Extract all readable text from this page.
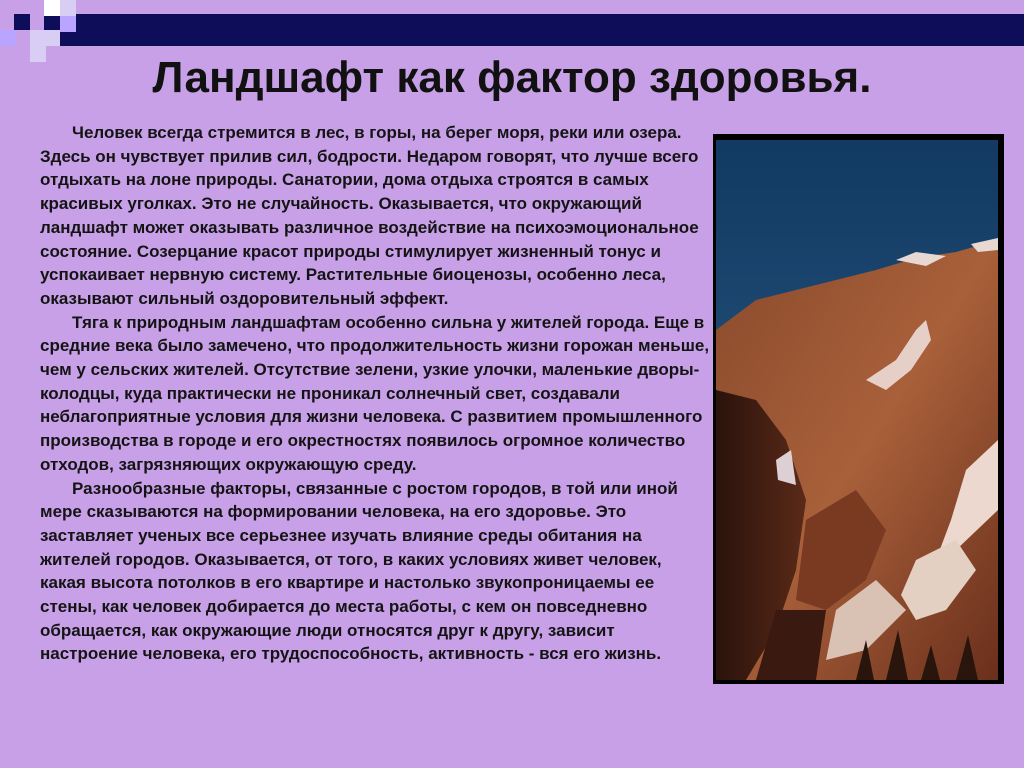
Ландшафт как фактор здоровья.

Человек всегда стремится в лес, в горы, на берег моря, реки или озера. Здесь он чувствует прилив сил, бодрости. Недаром говорят, что лучше всего отдыхать на лоне природы. Санатории, дома отдыха строятся в самых красивых уголках. Это не случайность. Оказывается, что окружающий ландшафт может оказывать различное воздействие на психоэмоциональное состояние. Созерцание красот природы стимулирует жизненный тонус и успокаивает нервную систему. Растительные биоценозы, особенно леса, оказывают сильный оздоровительный эффект.

Тяга к природным ландшафтам особенно сильна у жителей города. Еще в средние века было замечено, что продолжительность жизни горожан меньше, чем у сельских жителей. Отсутствие зелени, узкие улочки, маленькие дворы-колодцы, куда практически не проникал солнечный свет, создавали неблагоприятные условия для жизни человека. С развитием промышленного производства в городе и его окрестностях появилось огромное количество отходов, загрязняющих окружающую среду.

Разнообразные факторы, связанные с ростом городов, в той или иной мере сказываются на формировании человека, на его здоровье. Это заставляет ученых все серьезнее изучать влияние среды обитания на жителей городов. Оказывается, от того, в каких условиях живет человек, какая высота потолков в его квартире и настолько звукопроницаемы ее стены, как человек добирается до места работы, с кем он повседневно обращается, как окружающие люди относятся друг к другу, зависит настроение человека, его трудоспособность, активность - вся его жизнь.
